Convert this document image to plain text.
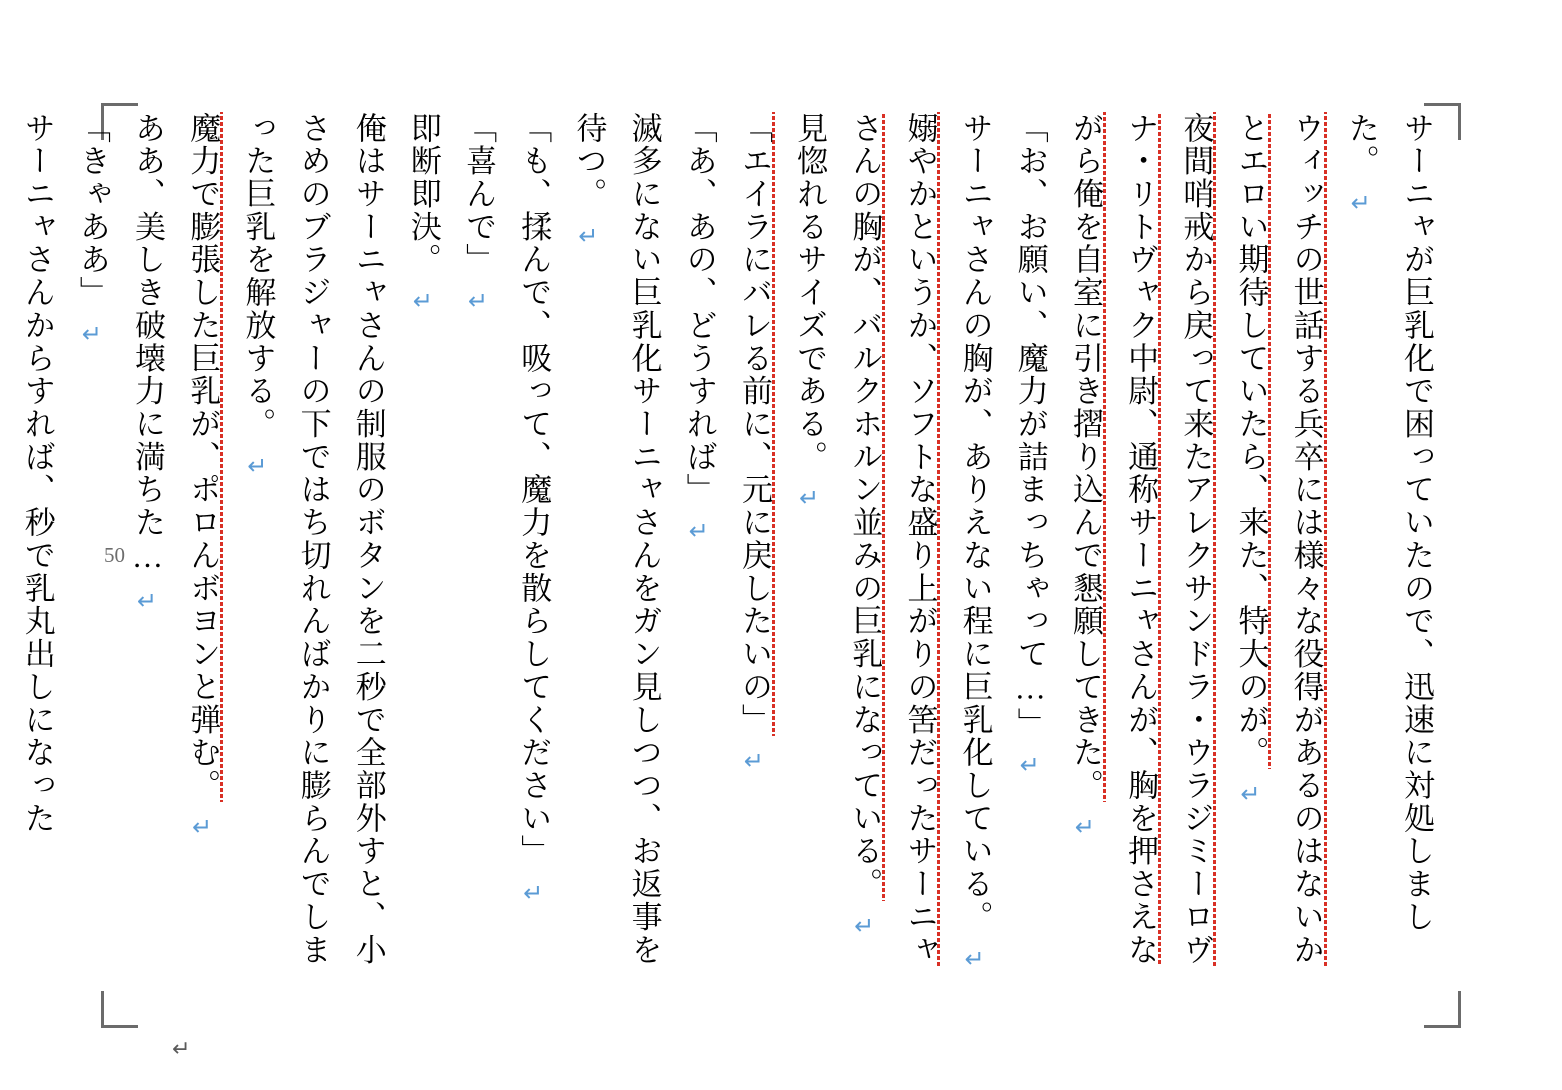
サーニャが巨乳化で困っていたので、迅速に対処しました。↵
ウィッチの世話する兵卒には様々な役得があるのはないかとエロい期待していたら、来た、特大のが。↵
夜間哨戒から戻って来たアレクサンドラ・ウラジミーロヴナ・リトヴャク中尉、通称サーニャさんが、胸を押さえながら俺を自室に引き摺り込んで懇願してきた。↵
「お、お願い、魔力が詰まっちゃって…」↵
サーニャさんの胸が、ありえない程に巨乳化している。↵
嫋やかというか、ソフトな盛り上がりの筈だったサーニャさんの胸が、バルクホルン並みの巨乳になっている。↵
見惚れるサイズである。↵
「エイラにバレる前に、元に戻したいの」↵
「あ、あの、どうすれば」↵
滅多にない巨乳化サーニャさんをガン見しつつ、お返事を待つ。↵
「も、揉んで、吸って、魔力を散らしてください」↵
「喜んで」↵
即断即決。↵
俺はサーニャさんの制服のボタンを二秒で全部外すと、小さめのブラジャーの下ではち切れんばかりに膨らんでしまった巨乳を解放する。↵
魔力で膨張した巨乳が、ポロんボヨンと弾む。↵
ああ、美しき破壊力に満ちた…↵
「きゃああ」↵
サーニャさんからすれば、秒で乳丸出しになった	50
↵
